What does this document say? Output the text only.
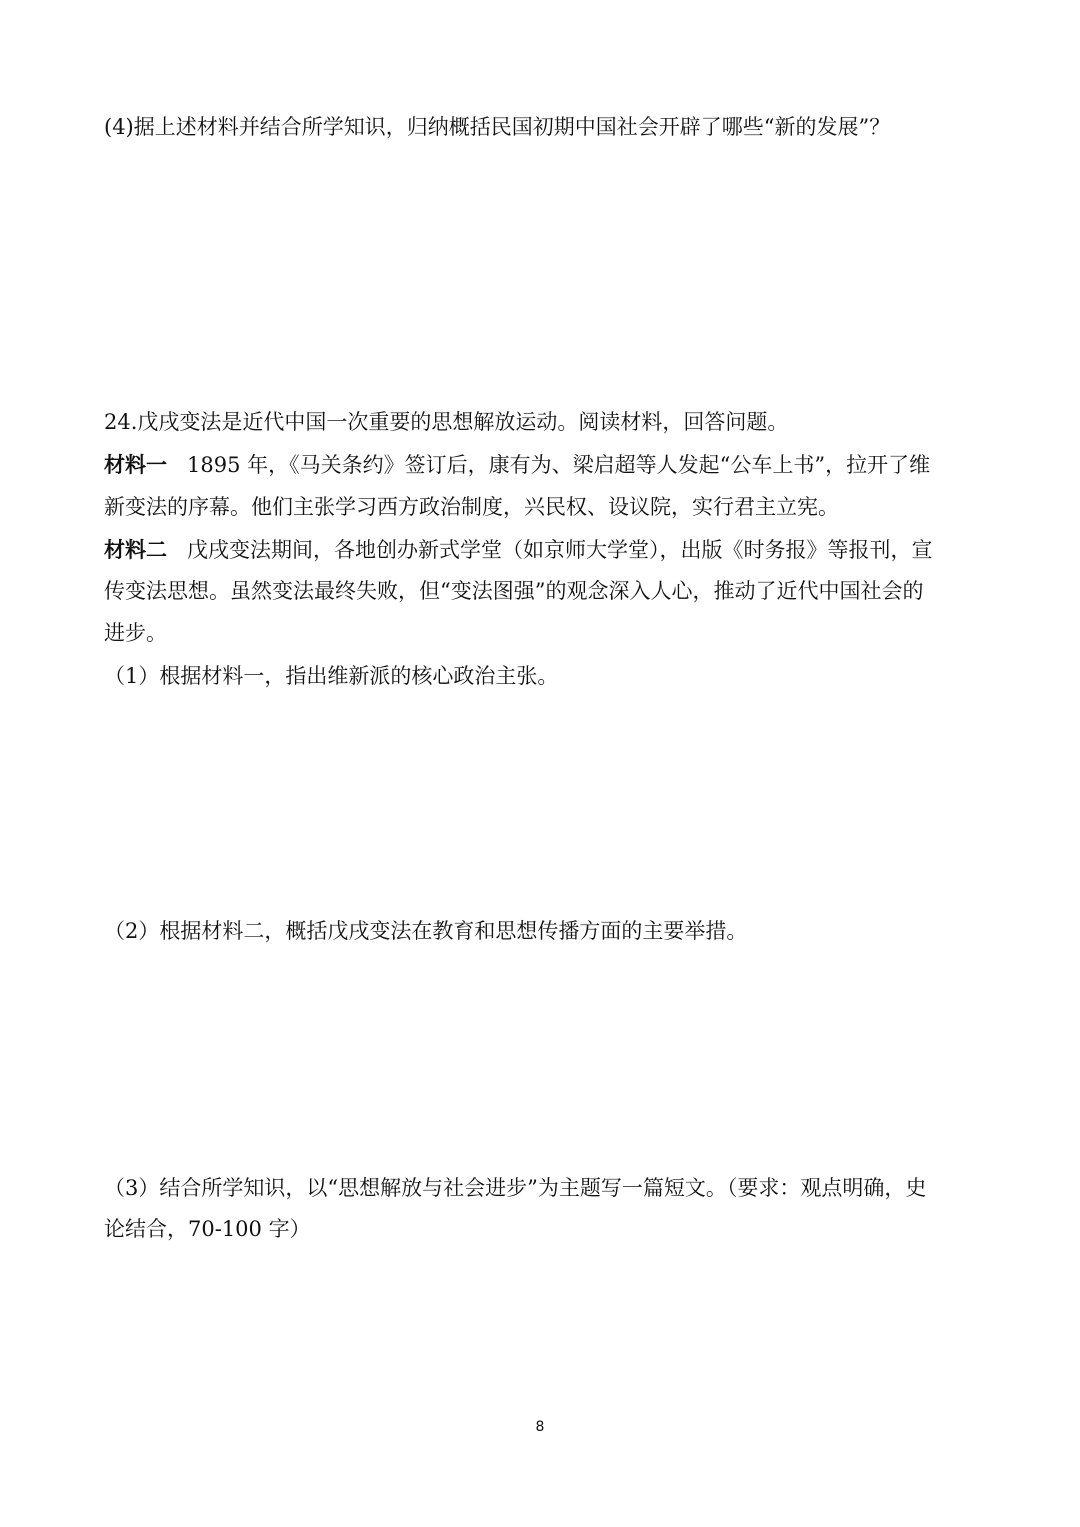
(4)据上述材料并结合所学知识，归纳概括民国初期中国社会开辟了哪些“新的发展”？

24.戊戌变法是近代中国一次重要的思想解放运动。阅读材料，回答问题。

材料一 1895 年，《马关条约》签订后，康有为、梁启超等人发起“公车上书”，拉开了维

新变法的序幕。他们主张学习西方政治制度，兴民权、设议院，实行君主立宪。

材料二 戊戌变法期间，各地创办新式学堂（如京师大学堂），出版《时务报》等报刊，宣

传变法思想。虽然变法最终失败，但“变法图强”的观念深入人心，推动了近代中国社会的

进步。

（1）根据材料一，指出维新派的核心政治主张。

（2）根据材料二，概括戊戌变法在教育和思想传播方面的主要举措。

（3）结合所学知识，以“思想解放与社会进步”为主题写一篇短文。（要求：观点明确，史

论结合，70-100 字）

8
